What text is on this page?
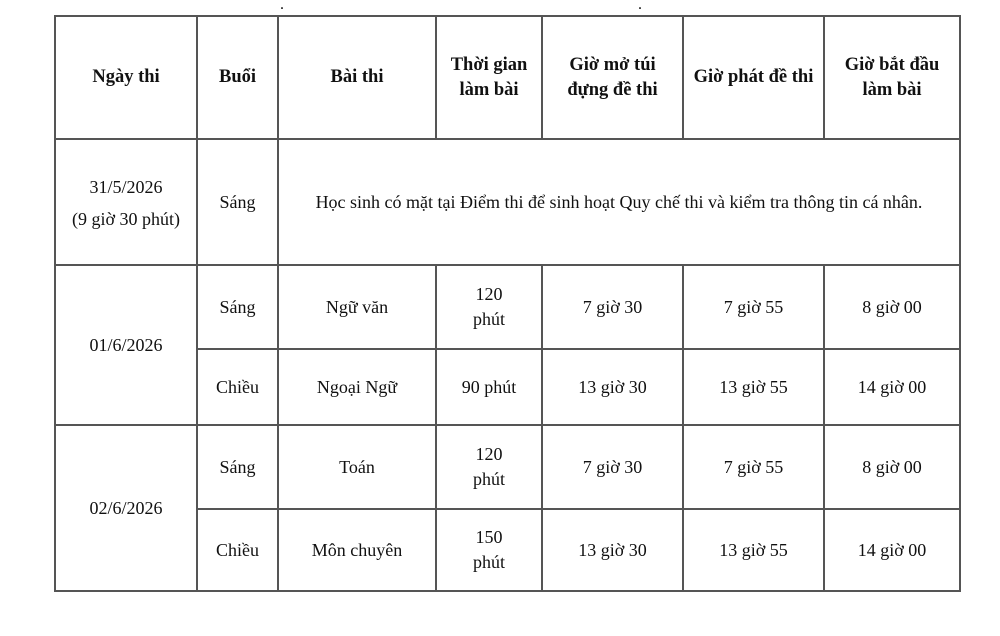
Ngày thi	Buổi	Bài thi	Thời gian làm bài	Giờ mở túi đựng đề thi	Giờ phát đề thi	Giờ bắt đầu làm bài

31/5/2026
(9 giờ 30 phút)	Sáng	Học sinh có mặt tại Điểm thi để sinh hoạt Quy chế thi và kiểm tra thông tin cá nhân.				
01/6/2026	Sáng	Ngữ văn	120 phút	7 giờ 30	7 giờ 55	8 giờ 00
	Chiều	Ngoại Ngữ	90 phút	13 giờ 30	13 giờ 55	14 giờ 00
02/6/2026	Sáng	Toán	120 phút	7 giờ 30	7 giờ 55	8 giờ 00
	Chiều	Môn chuyên	150 phút	13 giờ 30	13 giờ 55	14 giờ 00
